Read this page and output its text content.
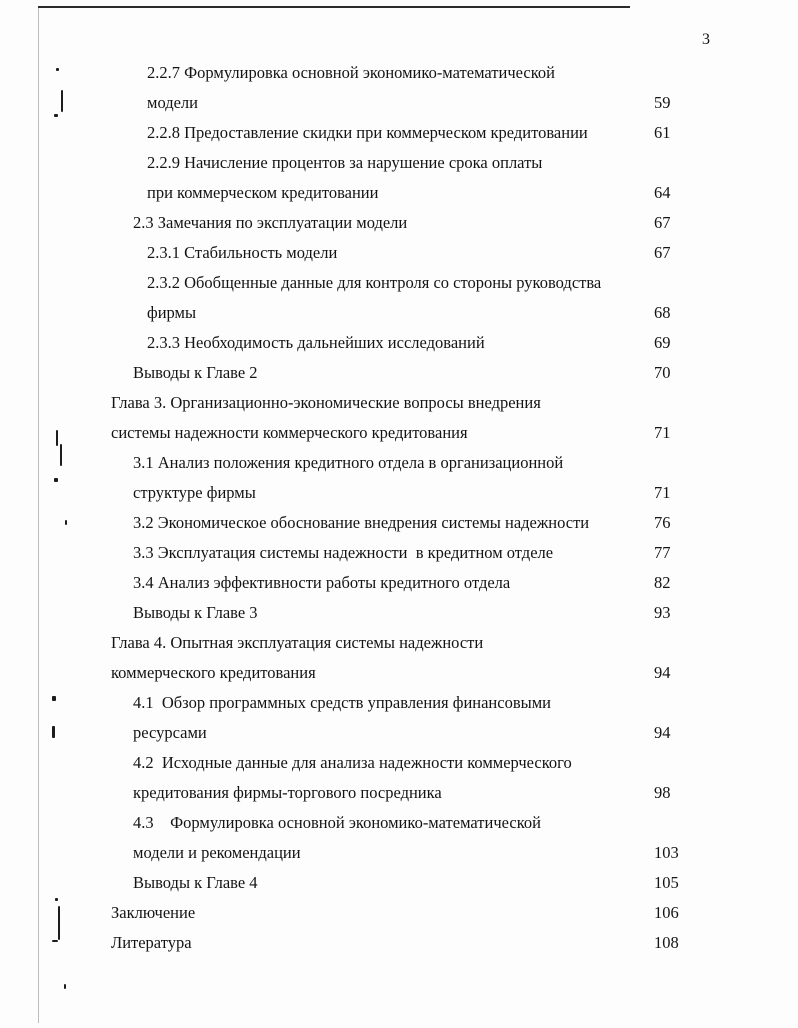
3
2.2.7 Формулировка основной экономико-математической
модели	59
2.2.8 Предоставление скидки при коммерческом кредитовании	61
2.2.9 Начисление процентов за нарушение срока оплаты
при коммерческом кредитовании	64
2.3 Замечания по эксплуатации модели	67
2.3.1 Стабильность модели	67
2.3.2 Обобщенные данные для контроля со стороны руководства
фирмы	68
2.3.3 Необходимость дальнейших исследований	69
Выводы к Главе 2	70
Глава 3. Организационно-экономические вопросы внедрения
системы надежности коммерческого кредитования	71
3.1 Анализ положения кредитного отдела в организационной
структуре фирмы	71
3.2 Экономическое обоснование внедрения системы надежности	76
3.3 Эксплуатация системы надежности  в кредитном отделе	77
3.4 Анализ эффективности работы кредитного отдела	82
Выводы к Главе 3	93
Глава 4. Опытная эксплуатация системы надежности
коммерческого кредитования	94
4.1  Обзор программных средств управления финансовыми
ресурсами	94
4.2  Исходные данные для анализа надежности коммерческого
кредитования фирмы-торгового посредника	98
4.3    Формулировка основной экономико-математической
модели и рекомендации	103
Выводы к Главе 4	105
Заключение	106
Литература	108
